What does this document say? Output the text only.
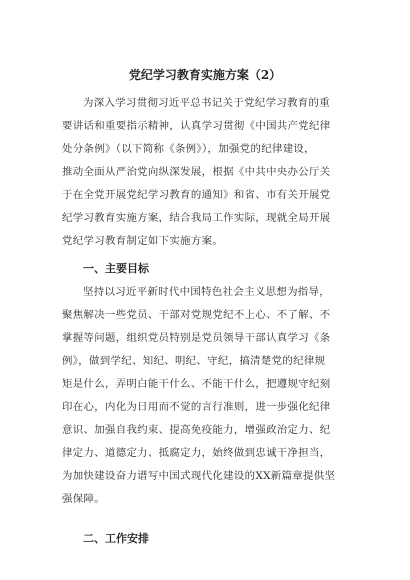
党纪学习教育实施方案（2）
为深入学习贯彻习近平总书记关于党纪学习教育的重
要讲话和重要指示精神，认真学习贯彻《中国共产党纪律
处分条例》（以下简称《条例》），加强党的纪律建设，
推动全面从严治党向纵深发展，根据《中共中央办公厅关
于在全党开展党纪学习教育的通知》和省、市有关开展党
纪学习教育实施方案，结合我局工作实际，现就全局开展
党纪学习教育制定如下实施方案。
一、主要目标
坚持以习近平新时代中国特色社会主义思想为指导，
聚焦解决一些党员、干部对党规党纪不上心、不了解、不
掌握等问题，组织党员特别是党员领导干部认真学习《条
例》，做到学纪、知纪、明纪、守纪，搞清楚党的纪律规
矩是什么，弄明白能干什么、不能干什么，把遵规守纪刻
印在心，内化为日用而不觉的言行准则，进一步强化纪律
意识、加强自我约束、提高免疫能力，增强政治定力、纪
律定力、道德定力、抵腐定力，始终做到忠诚干净担当，
为加快建设奋力谱写中国式现代化建设的XX新篇章提供坚
强保障。
二、工作安排
